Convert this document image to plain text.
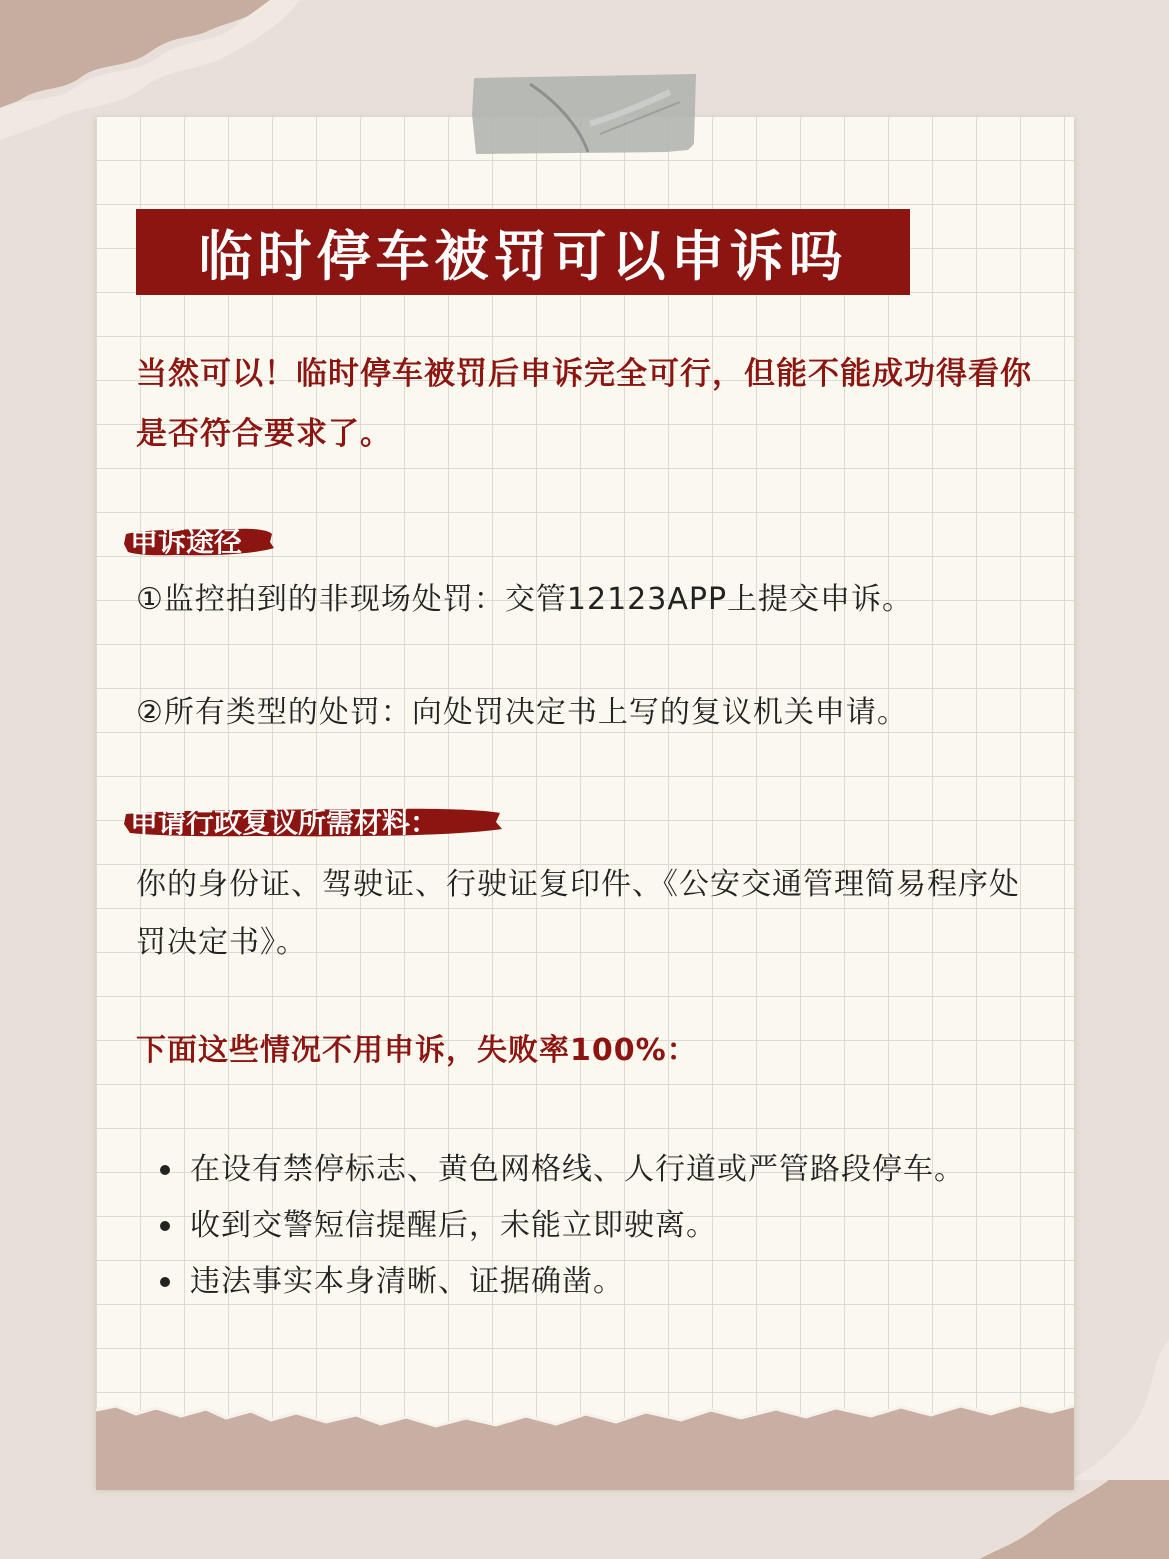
临时停车被罚可以申诉吗

当然可以！临时停车被罚后申诉完全可行，但能不能成功得看你是否符合要求了。

申诉途径
①监控拍到的非现场处罚：交管12123APP上提交申诉。
②所有类型的处罚：向处罚决定书上写的复议机关申请。
申请行政复议所需材料：

你的身份证、驾驶证、行驶证复印件、《公安交通管理简易程序处罚决定书》。

下面这些情况不用申诉，失败率100%：
在设有禁停标志、黄色网格线、人行道或严管路段停车。
收到交警短信提醒后，未能立即驶离。
违法事实本身清晰、证据确凿。
